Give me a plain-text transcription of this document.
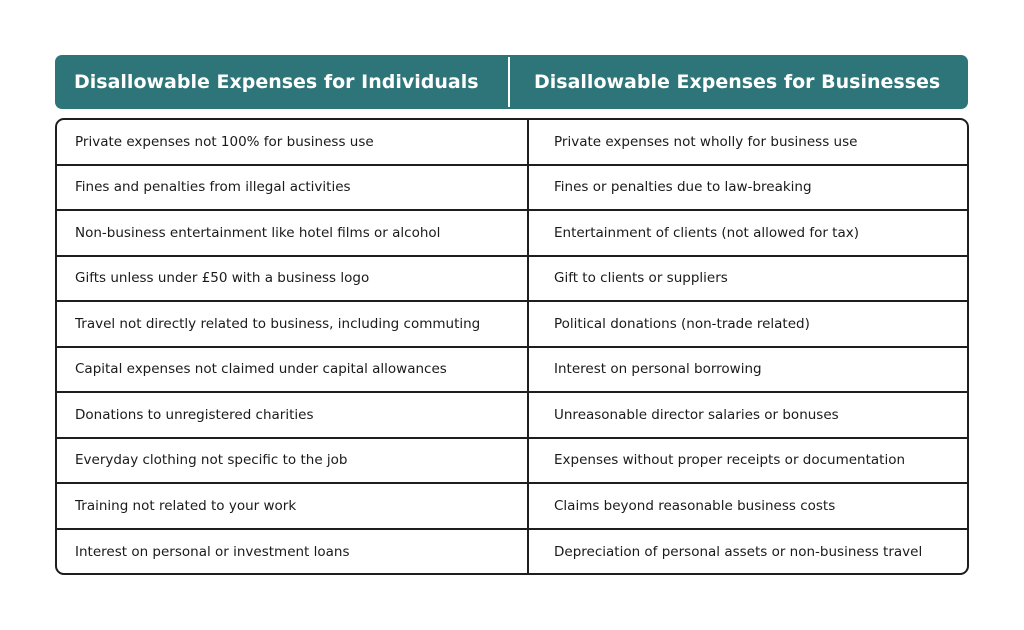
Disallowable Expenses for Individuals	Disallowable Expenses for Businesses
Private expenses not 100% for business use	Private expenses not wholly for business use
Fines and penalties from illegal activities	Fines or penalties due to law-breaking
Non-business entertainment like hotel films or alcohol	Entertainment of clients (not allowed for tax)
Gifts unless under £50 with a business logo	Gift to clients or suppliers
Travel not directly related to business, including commuting	Political donations (non-trade related)
Capital expenses not claimed under capital allowances	Interest on personal borrowing
Donations to unregistered charities	Unreasonable director salaries or bonuses
Everyday clothing not specific to the job	Expenses without proper receipts or documentation
Training not related to your work	Claims beyond reasonable business costs
Interest on personal or investment loans	Depreciation of personal assets or non-business travel
